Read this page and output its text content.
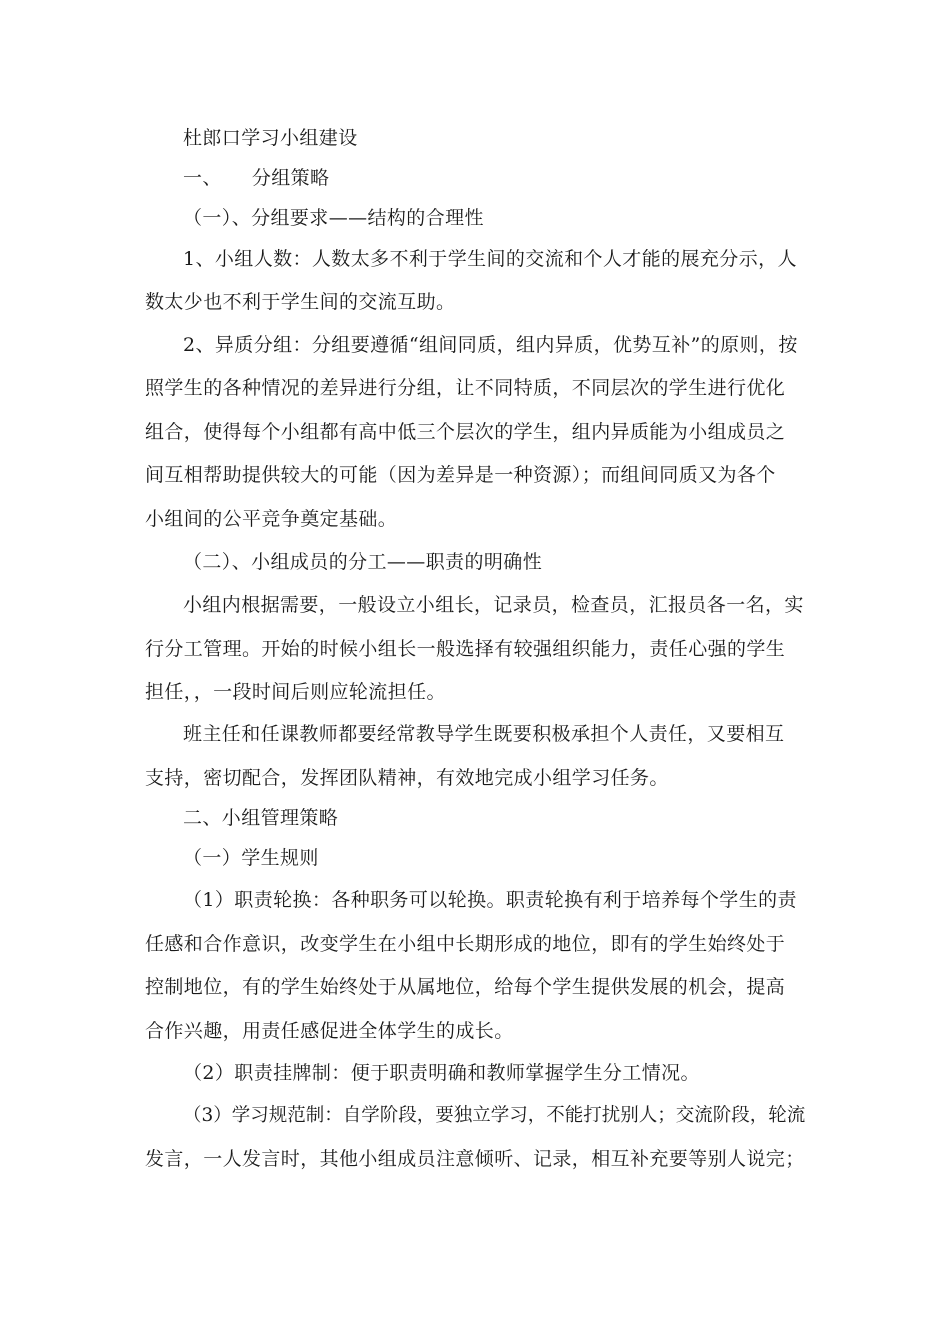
杜郎口学习小组建设
一、 分组策略
（一）、分组要求——结构的合理性
1、小组人数：人数太多不利于学生间的交流和个人才能的展充分示，人
数太少也不利于学生间的交流互助。
2、异质分组：分组要遵循“组间同质，组内异质，优势互补”的原则，按
照学生的各种情况的差异进行分组，让不同特质，不同层次的学生进行优化
组合，使得每个小组都有高中低三个层次的学生，组内异质能为小组成员之
间互相帮助提供较大的可能（因为差异是一种资源）；而组间同质又为各个
小组间的公平竞争奠定基础。
（二）、小组成员的分工——职责的明确性
小组内根据需要，一般设立小组长，记录员，检查员，汇报员各一名，实
行分工管理。开始的时候小组长一般选择有较强组织能力，责任心强的学生
担任，，一段时间后则应轮流担任。
班主任和任课教师都要经常教导学生既要积极承担个人责任，又要相互
支持，密切配合，发挥团队精神，有效地完成小组学习任务。
二、小组管理策略
（一）学生规则
（1）职责轮换：各种职务可以轮换。职责轮换有利于培养每个学生的责
任感和合作意识，改变学生在小组中长期形成的地位，即有的学生始终处于
控制地位，有的学生始终处于从属地位，给每个学生提供发展的机会，提高
合作兴趣，用责任感促进全体学生的成长。
（2）职责挂牌制：便于职责明确和教师掌握学生分工情况。
（3）学习规范制：自学阶段，要独立学习，不能打扰别人；交流阶段，轮流
发言，一人发言时，其他小组成员注意倾听、记录，相互补充要等别人说完；
